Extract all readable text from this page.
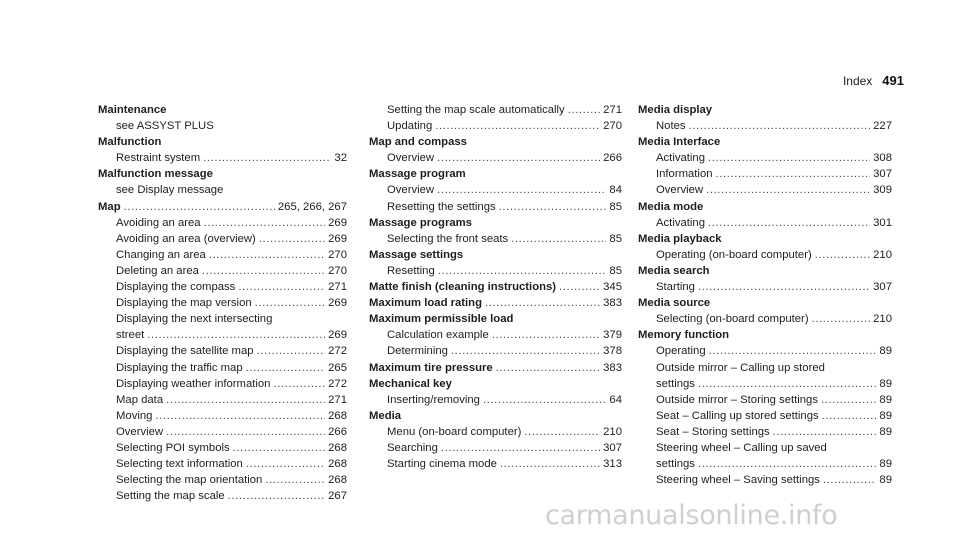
Index 491
Maintenance
see ASSYST PLUS
Malfunction
Restraint system .....	32
Malfunction message
see Display message
Map .....	265, 266, 267
Avoiding an area .....	269
Avoiding an area (overview) .....	269
Changing an area .....	270
Deleting an area .....	270
Displaying the compass .....	271
Displaying the map version .....	269
Displaying the next intersecting
street .....	269
Displaying the satellite map .....	272
Displaying the traffic map .....	265
Displaying weather information .....	272
Map data .....	271
Moving .....	268
Overview .....	266
Selecting POI symbols .....	268
Selecting text information .....	268
Selecting the map orientation .....	268
Setting the map scale .....	267
Setting the map scale automatically .....	271
Updating .....	270
Map and compass
Overview .....	266
Massage program
Overview .....	84
Resetting the settings .....	85
Massage programs
Selecting the front seats .....	85
Massage settings
Resetting .....	85
Matte finish (cleaning instructions) .....	345
Maximum load rating .....	383
Maximum permissible load
Calculation example .....	379
Determining .....	378
Maximum tire pressure .....	383
Mechanical key
Inserting/removing .....	64
Media
Menu (on-board computer) .....	210
Searching .....	307
Starting cinema mode .....	313
Media display
Notes .....	227
Media Interface
Activating .....	308
Information .....	307
Overview .....	309
Media mode
Activating .....	301
Media playback
Operating (on-board computer) .....	210
Media search
Starting .....	307
Media source
Selecting (on-board computer) .....	210
Memory function
Operating .....	89
Outside mirror – Calling up stored
settings .....	89
Outside mirror – Storing settings .....	89
Seat – Calling up stored settings .....	89
Seat – Storing settings .....	89
Steering wheel – Calling up saved
settings .....	89
Steering wheel – Saving settings .....	89
carmanualsonline.info
